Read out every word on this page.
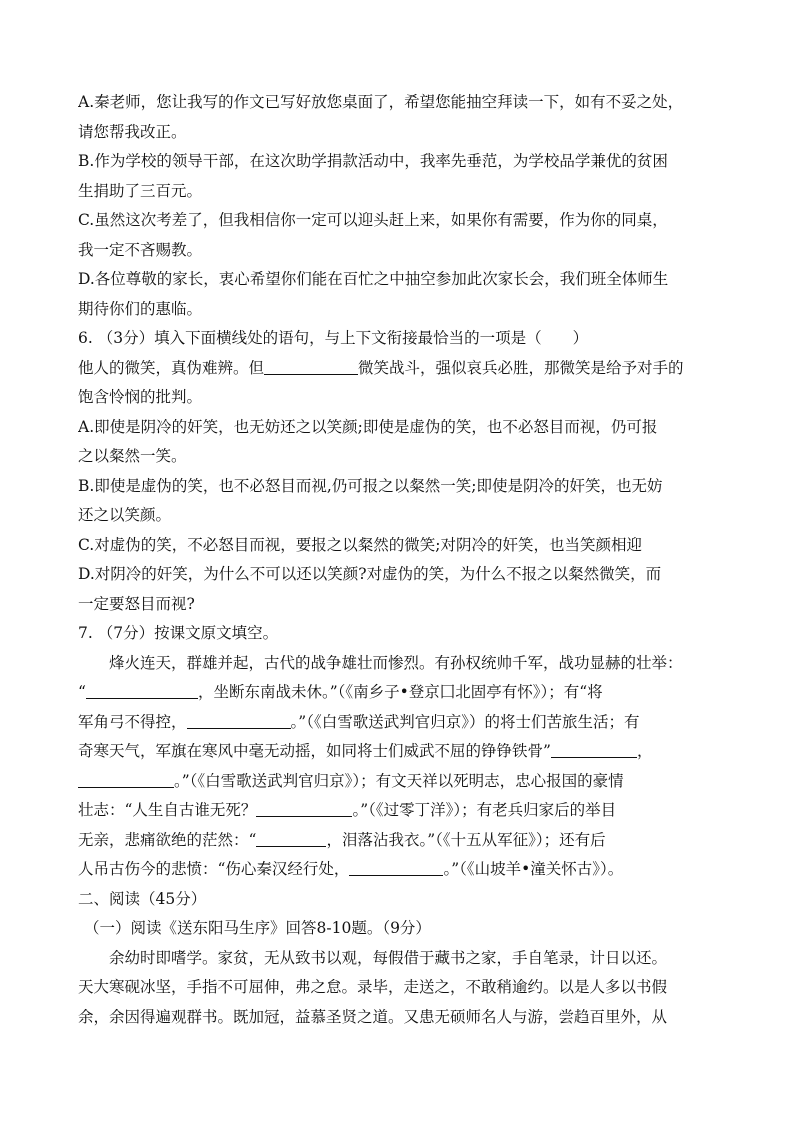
A.秦老师，您让我写的作文已写好放您桌面了，希望您能抽空拜读一下，如有不妥之处，
请您帮我改正。
B.作为学校的领导干部，在这次助学捐款活动中，我率先垂范，为学校品学兼优的贫困
生捐助了三百元。
C.虽然这次考差了，但我相信你一定可以迎头赶上来，如果你有需要，作为你的同桌，
我一定不吝赐教。
D.各位尊敬的家长，衷心希望你们能在百忙之中抽空参加此次家长会，我们班全体师生
期待你们的惠临。
6. （3分）填入下面横线处的语句，与上下文衔接最恰当的一项是（　　）
他人的微笑，真伪难辨。但	微笑战斗，强似哀兵必胜，那微笑是给予对手的
饱含怜悯的批判。
A.即使是阴冷的奸笑，也无妨还之以笑颜;即使是虚伪的笑，也不必怒目而视，仍可报
之以粲然一笑。
B.即使是虚伪的笑，也不必怒目而视,仍可报之以粲然一笑;即使是阴冷的奸笑，也无妨
还之以笑颜。
C.对虚伪的笑，不必怒目而视，要报之以粲然的微笑;对阴冷的奸笑，也当笑颜相迎
D.对阴冷的奸笑，为什么不可以还以笑颜?对虚伪的笑，为什么不报之以粲然微笑，而
一定要怒目而视?
7. （7分）按课文原文填空。
烽火连天，群雄并起，古代的战争雄壮而惨烈。有孙权统帅千军，战功显赫的壮举：
“	，坐断东南战未休。”（《南乡子•登京囗北固亭有怀》）；有“将
军角弓不得控，	。”（《白雪歌送武判官归京》）的将士们苦旅生活；有
奇寒天气，军旗在寒风中毫无动摇，如同将士们威武不屈的铮铮铁骨”	，
。”（《白雪歌送武判官归京》）；有文天祥以死明志，忠心报国的豪情
壮志：“人生自古谁无死？	。”（《过零丁洋》）；有老兵归家后的举目
无亲，悲痛欲绝的茫然：“	，泪落沾我衣。”（《十五从军征》）；还有后
人吊古伤今的悲愤：“伤心秦汉经行处，	。”（《山坡羊•潼关怀古》）。
二、阅读（45分）
（一）阅读《送东阳马生序》回答8-10题。（9分）
余幼时即嗜学。家贫，无从致书以观，每假借于藏书之家，手自笔录，计日以还。
天大寒砚冰坚，手指不可屈伸，弗之怠。录毕，走送之，不敢稍逾约。以是人多以书假
余，余因得遍观群书。既加冠，益慕圣贤之道。又患无硕师名人与游，尝趋百里外，从
